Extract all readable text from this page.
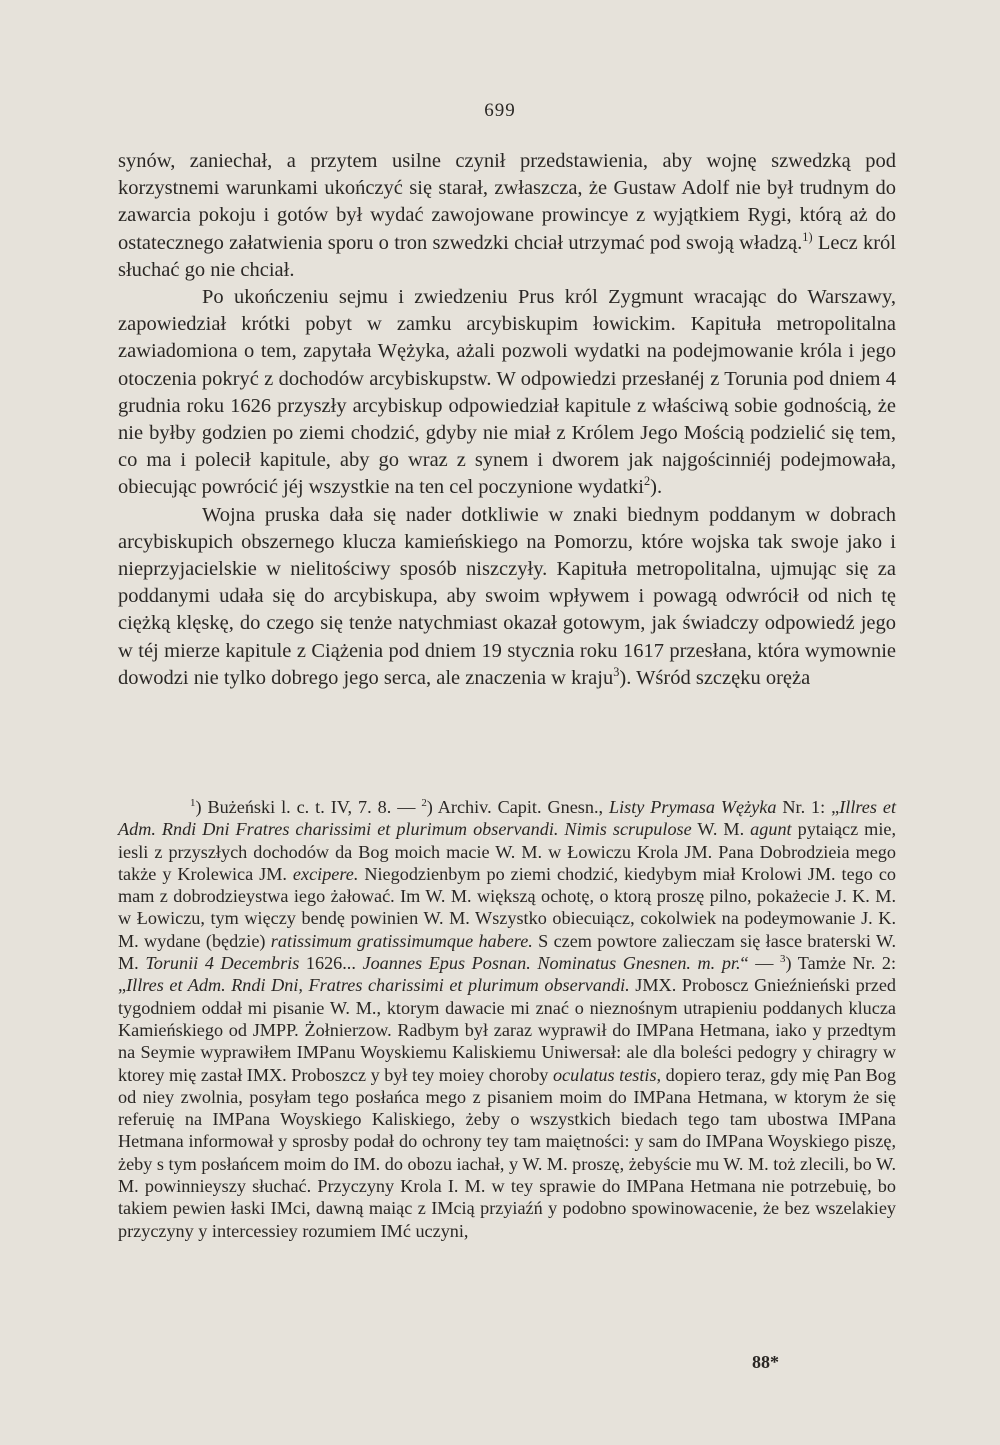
699

synów, zaniechał, a przytem usilne czynił przedstawienia, aby wojnę szwedzką pod korzystnemi warunkami ukończyć się starał, zwłaszcza, że Gustaw Adolf nie był trudnym do zawarcia pokoju i gotów był wydać zawojowane prowincye z wyjątkiem Rygi, którą aż do ostatecznego załatwienia sporu o tron szwedzki chciał utrzymać pod swoją władzą.$^{1)}$ Lecz król słuchać go nie chciał.

Po ukończeniu sejmu i zwiedzeniu Prus król Zygmunt wracając do Warszawy, zapowiedział krótki pobyt w zamku arcybiskupim łowickim. Kapituła metropolitalna zawiadomiona o tem, zapytała Wężyka, ażali pozwoli wydatki na podejmowanie króla i jego otoczenia pokryć z dochodów arcybiskupstw. W odpowiedzi przesłanéj z Torunia pod dniem 4 grudnia roku 1626 przyszły arcybiskup odpowiedział kapitule z właściwą sobie godnością, że nie byłby godzien po ziemi chodzić, gdyby nie miał z Królem Jego Mością podzielić się tem, co ma i polecił kapitule, aby go wraz z synem i dworem jak najgościnniéj podejmowała, obiecując powrócić jéj wszystkie na ten cel poczynione wydatki$^2$).

Wojna pruska dała się nader dotkliwie w znaki biednym poddanym w dobrach arcybiskupich obszernego klucza kamieńskiego na Pomorzu, które wojska tak swoje jako i nieprzyjacielskie w nielitościwy sposób niszczyły. Kapituła metropolitalna, ujmując się za poddanymi udała się do arcybiskupa, aby swoim wpływem i powagą odwrócił od nich tę ciężką klęskę, do czego się tenże natychmiast okazał gotowym, jak świadczy odpowiedź jego w téj mierze kapitule z Ciążenia pod dniem 19 stycznia roku 1617 przesłana, która wymownie dowodzi nie tylko dobrego jego serca, ale znaczenia w kraju$^3$). Wśród szczęku oręża

$^1$) Bużeński l. c. t. IV, 7. 8. — $^2$) Archiv. Capit. Gnesn., Listy Prymasa Wężyka Nr. 1: „Illres et Adm. Rndi Dni Fratres charissimi et plurimum observandi. Nimis scrupulose W. M. agunt pytaiącz mie, iesli z przyszłych dochodów da Bog moich macie W. M. w Łowiczu Krola JM. Pana Dobrodzieia mego także y Krolewica JM. excipere. Niegodzienbym po ziemi chodzić, kiedybym miał Krolowi JM. tego co mam z dobrodzieystwa iego żałować. Im W. M. większą ochotę, o ktorą proszę pilno, pokażecie J. K. M. w Łowiczu, tym więczy bendę powinien W. M. Wszystko obiecuiącz, cokolwiek na podeymowanie J. K. M. wydane (będzie) ratissimum gratissimumque habere. S czem powtore zalieczam się łasce braterski W. M. Torunii 4 Decembris 1626... Joannes Epus Posnan. Nominatus Gnesnen. m. pr.“ — $^3$) Tamże Nr. 2: „Illres et Adm. Rndi Dni, Fratres charissimi et plurimum observandi. JMX. Proboscz Gnieźnieński przed tygodniem oddał mi pisanie W. M., ktorym dawacie mi znać o nieznośnym utrapieniu poddanych klucza Kamieńskiego od JMPP. Żołnierzow. Radbym był zaraz wyprawił do IMPana Hetmana, iako y przedtym na Seymie wyprawiłem IMPanu Woyskiemu Kaliskiemu Uniwersał: ale dla boleści pedogry y chiragry w ktorey mię zastał IMX. Proboszcz y był tey moiey choroby oculatus testis, dopiero teraz, gdy mię Pan Bog od niey zwolnia, posyłam tego posłańca mego z pisaniem moim do IMPana Hetmana, w ktorym że się referuię na IMPana Woyskiego Kaliskiego, żeby o wszystkich biedach tego tam ubostwa IMPana Hetmana informował y sprosby podał do ochrony tey tam maiętności: y sam do IMPana Woyskiego piszę, żeby s tym posłańcem moim do IM. do obozu iachał, y W. M. proszę, żebyście mu W. M. toż zlecili, bo W. M. powinnieyszy słuchać. Przyczyny Krola I. M. w tey sprawie do IMPana Hetmana nie potrzebuię, bo takiem pewien łaski IMci, dawną maiąc z IMcią przyiaźń y podobno spowinowacenie, że bez wszelakiey przyczyny y intercessiey rozumiem IMć uczyni,

88*
